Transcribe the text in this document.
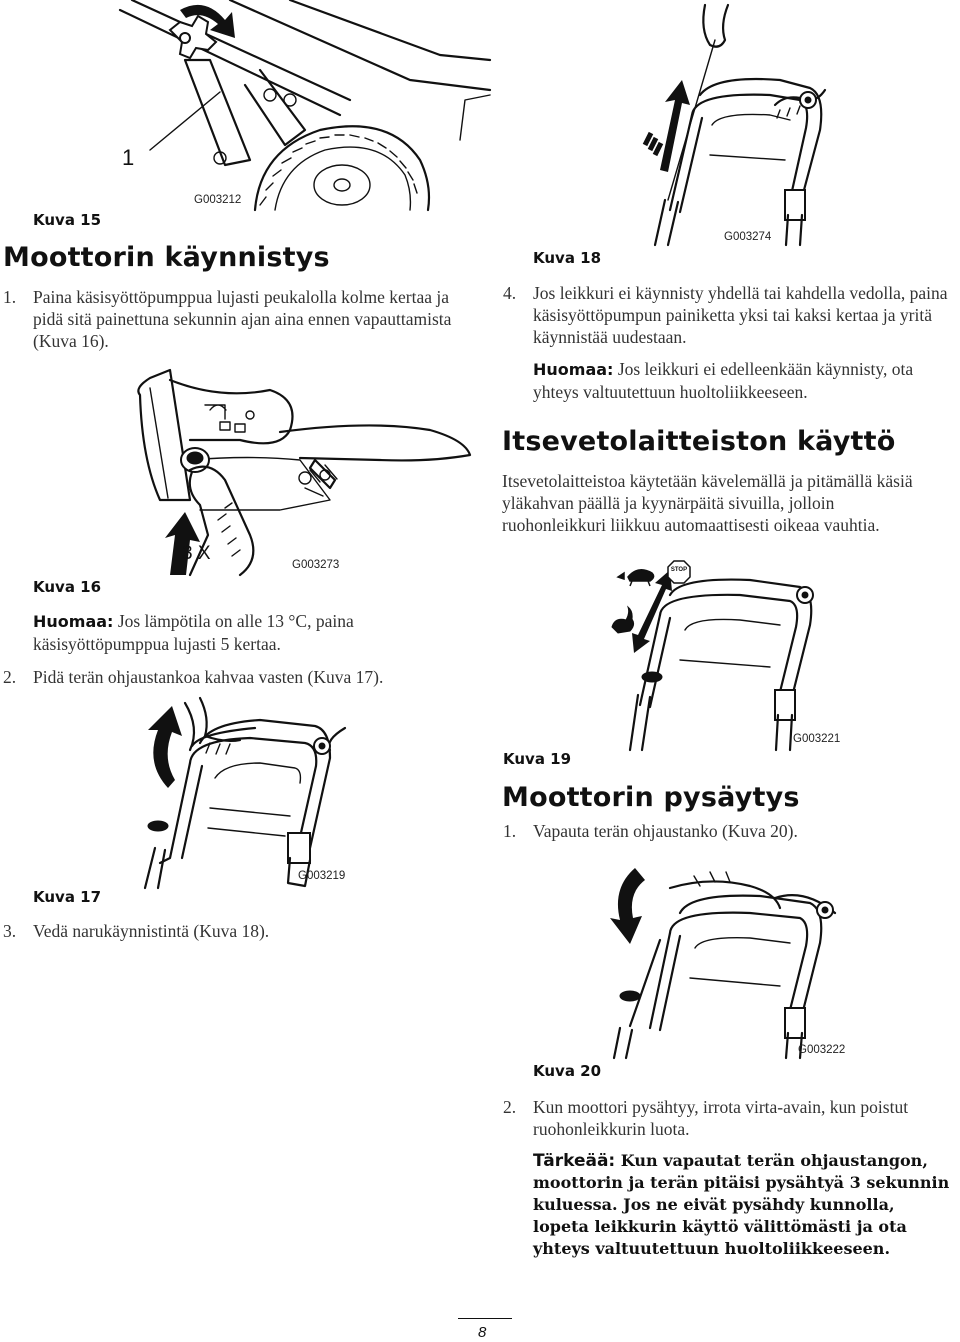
1
G003212
Kuva 15
Moottorin käynnistys
1. Paina käsisyöttöpumppua lujasti peukalolla kolme kertaa ja pidä sitä painettuna sekunnin ajan aina ennen vapauttamista (Kuva 16).
3 X
G003273
Kuva 16
Huomaa: Jos lämpötila on alle 13 °C, paina käsisyöttöpumppua lujasti 5 kertaa.
2. Pidä terän ohjaustankoa kahvaa vasten (Kuva 17).
G003219
Kuva 17
3. Vedä narukäynnistintä (Kuva 18).
G003274
Kuva 18
4. Jos leikkuri ei käynnisty yhdellä tai kahdella vedolla, paina käsisyöttöpumpun painiketta yksi tai kaksi kertaa ja yritä käynnistää uudestaan.
Huomaa: Jos leikkuri ei edelleenkään käynnisty, ota yhteys valtuutettuun huoltoliikkeeseen.
Itsevetolaitteiston käyttö
Itsevetolaitteistoa käytetään kävelemällä ja pitämällä käsiä yläkahvan päällä ja kyynärpäitä sivuilla, jolloin ruohonleikkuri liikkuu automaattisesti oikeaa vauhtia.
STOP
G003221
Kuva 19
Moottorin pysäytys
1. Vapauta terän ohjaustanko (Kuva 20).
G003222
Kuva 20
2. Kun moottori pysähtyy, irrota virta-avain, kun poistut ruohonleikkurin luota.
Tärkeää: Kun vapautat terän ohjaustangon, moottorin ja terän pitäisi pysähtyä 3 sekunnin kuluessa. Jos ne eivät pysähdy kunnolla, lopeta leikkurin käyttö välittömästi ja ota yhteys valtuutettuun huoltoliikkeeseen.
8
